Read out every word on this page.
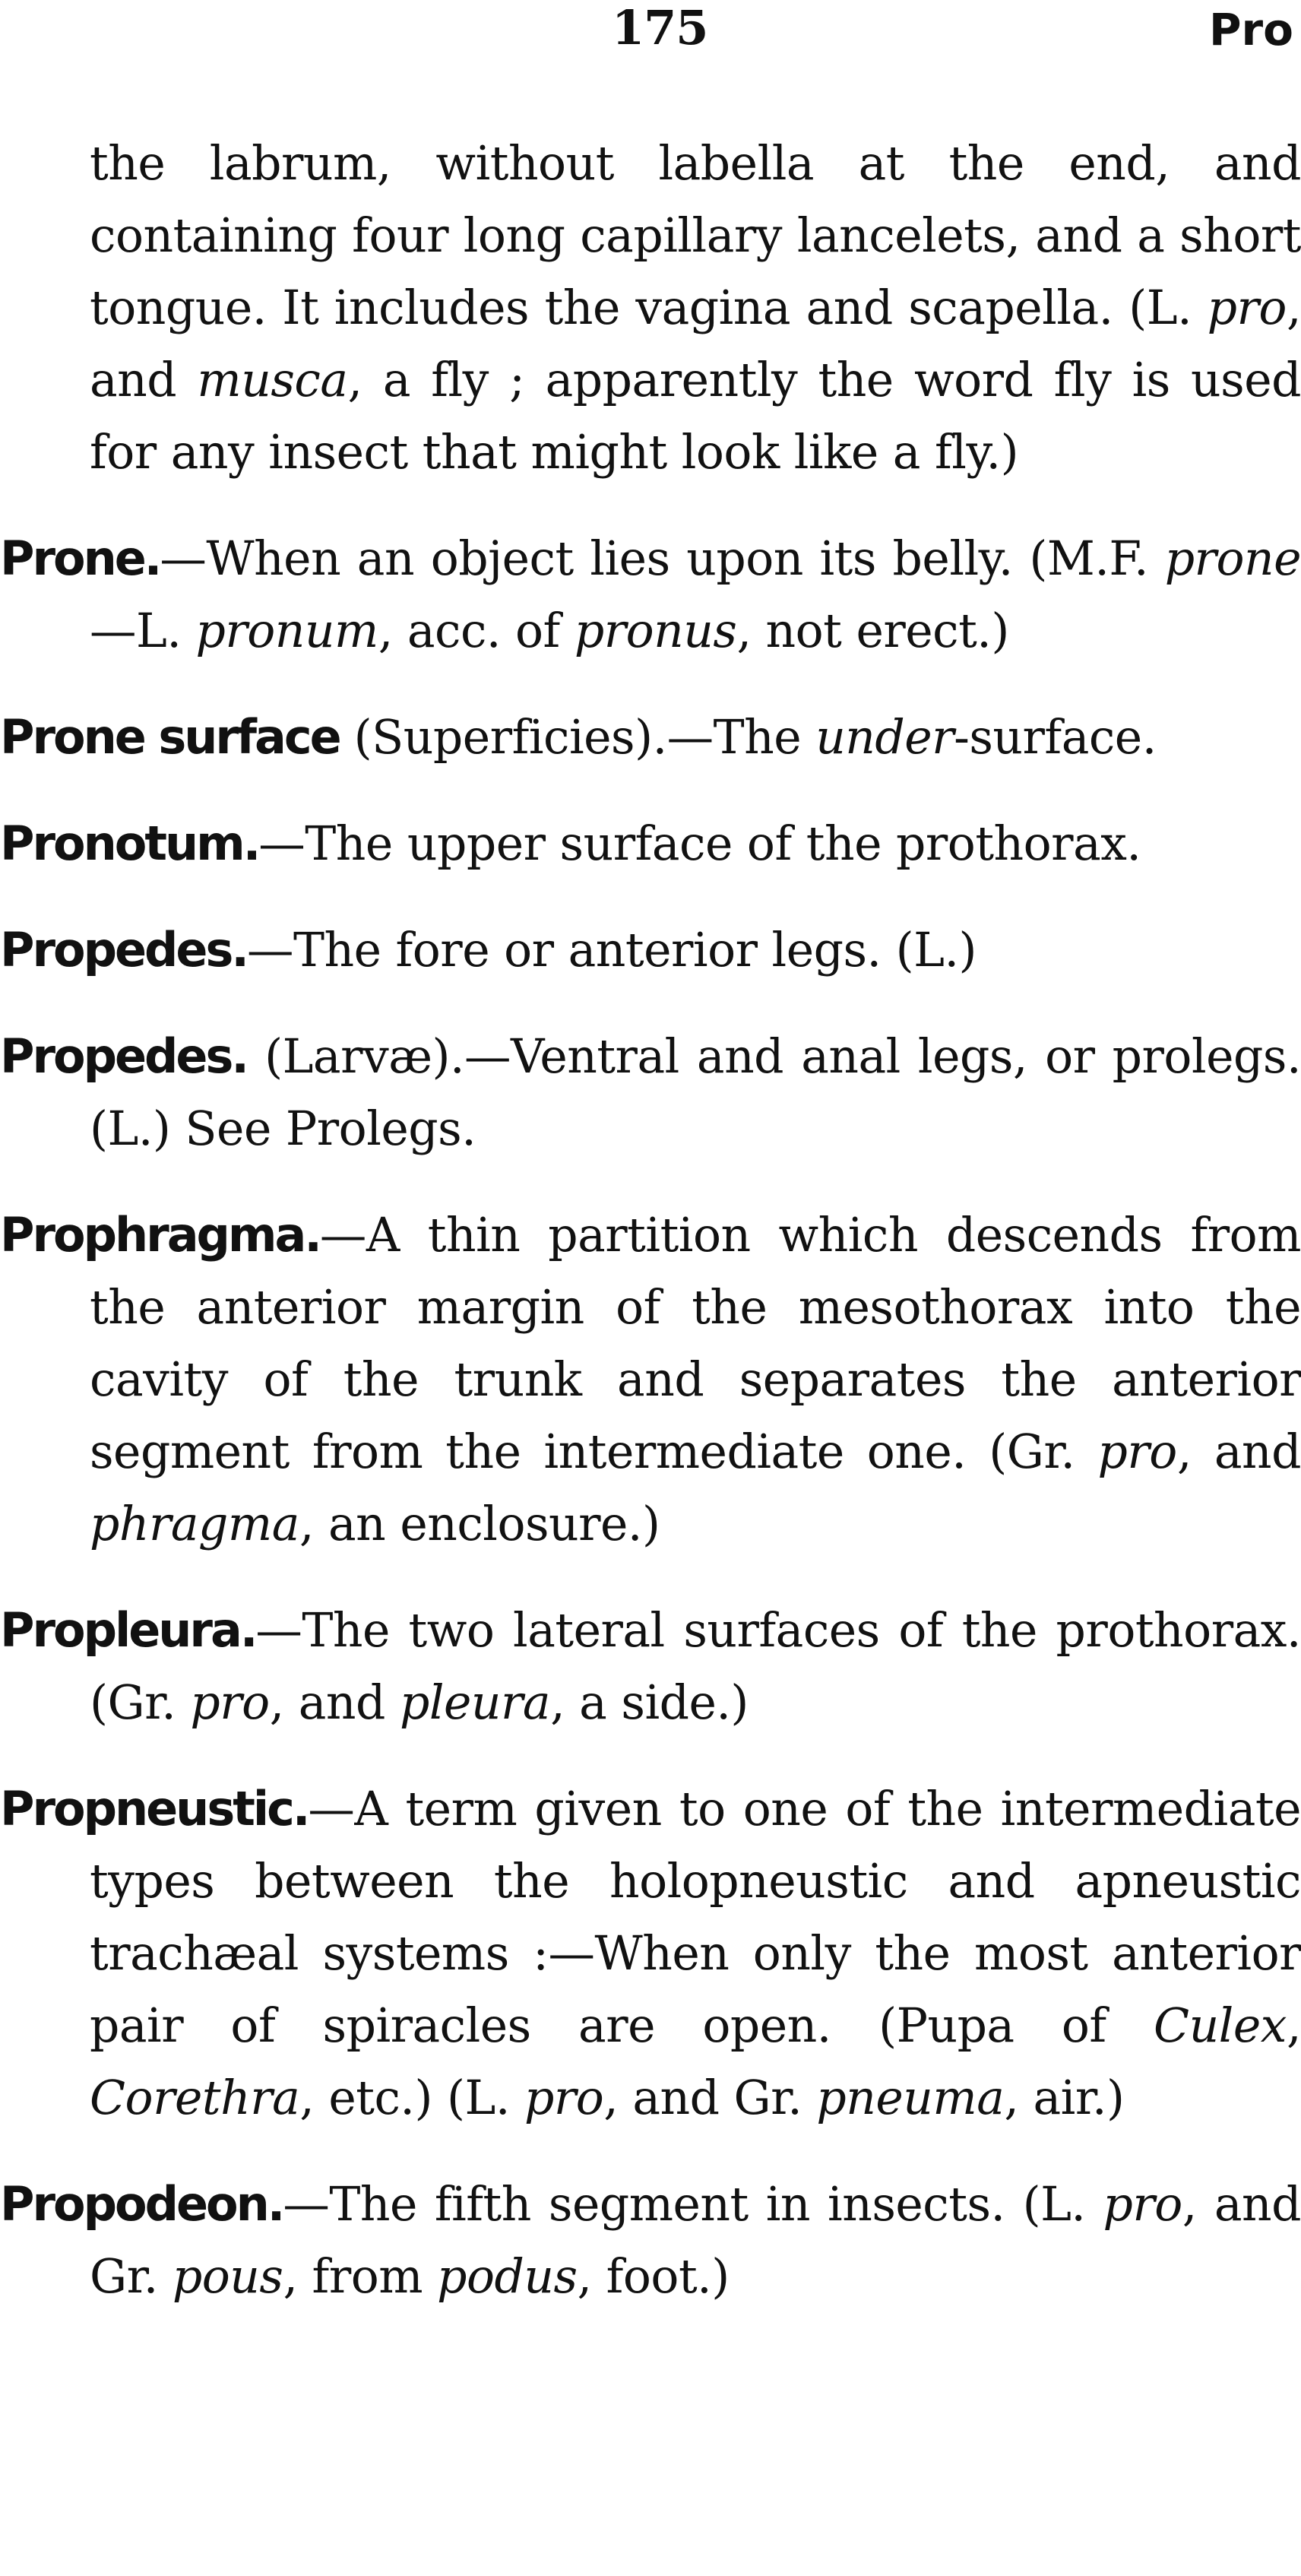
175	Pro

the labrum, without labella at the end, and containing four long capillary lancelets, and a short tongue. It includes the vagina and scapella. (L. pro, and musca, a fly ; apparently the word fly is used for any insect that might look like a fly.)

Prone.—When an object lies upon its belly. (M.F. prone—L. pronum, acc. of pronus, not erect.)

Prone surface (Superficies).—The under-surface.

Pronotum.—The upper surface of the prothorax.

Propedes.—The fore or anterior legs. (L.)

Propedes. (Larvæ).—Ventral and anal legs, or prolegs. (L.) See Prolegs.

Prophragma.—A thin partition which descends from the anterior margin of the mesothorax into the cavity of the trunk and separates the anterior segment from the intermediate one. (Gr. pro, and phragma, an enclosure.)

Propleura.—The two lateral surfaces of the prothorax. (Gr. pro, and pleura, a side.)

Propneustic.—A term given to one of the intermediate types between the holopneustic and apneustic trachæal systems :—When only the most anterior pair of spiracles are open. (Pupa of Culex, Corethra, etc.) (L. pro, and Gr. pneuma, air.)

Propodeon.—The fifth segment in insects. (L. pro, and Gr. pous, from podus, foot.)
